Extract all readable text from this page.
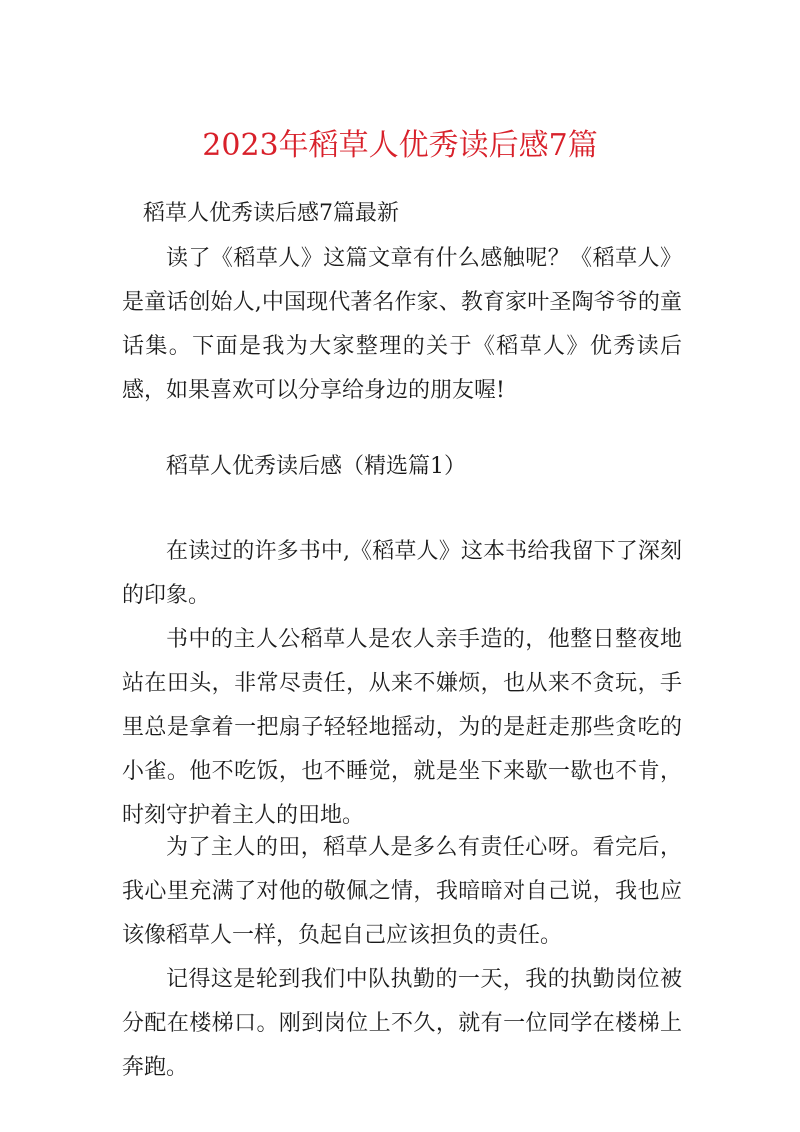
2023年稻草人优秀读后感7篇
稻草人优秀读后感7篇最新

读了《稻草人》这篇文章有什么感触呢？《稻草人》是童话创始人,中国现代著名作家、教育家叶圣陶爷爷的童话集。下面是我为大家整理的关于《稻草人》优秀读后感，如果喜欢可以分享给身边的朋友喔!

稻草人优秀读后感（精选篇1）

在读过的许多书中,《稻草人》这本书给我留下了深刻的印象。

书中的主人公稻草人是农人亲手造的，他整日整夜地站在田头，非常尽责任，从来不嫌烦，也从来不贪玩，手里总是拿着一把扇子轻轻地摇动，为的是赶走那些贪吃的小雀。他不吃饭，也不睡觉，就是坐下来歇一歇也不肯，时刻守护着主人的田地。

为了主人的田，稻草人是多么有责任心呀。看完后，我心里充满了对他的敬佩之情，我暗暗对自己说，我也应该像稻草人一样，负起自己应该担负的责任。

记得这是轮到我们中队执勤的一天，我的执勤岗位被分配在楼梯口。刚到岗位上不久，就有一位同学在楼梯上奔跑。
